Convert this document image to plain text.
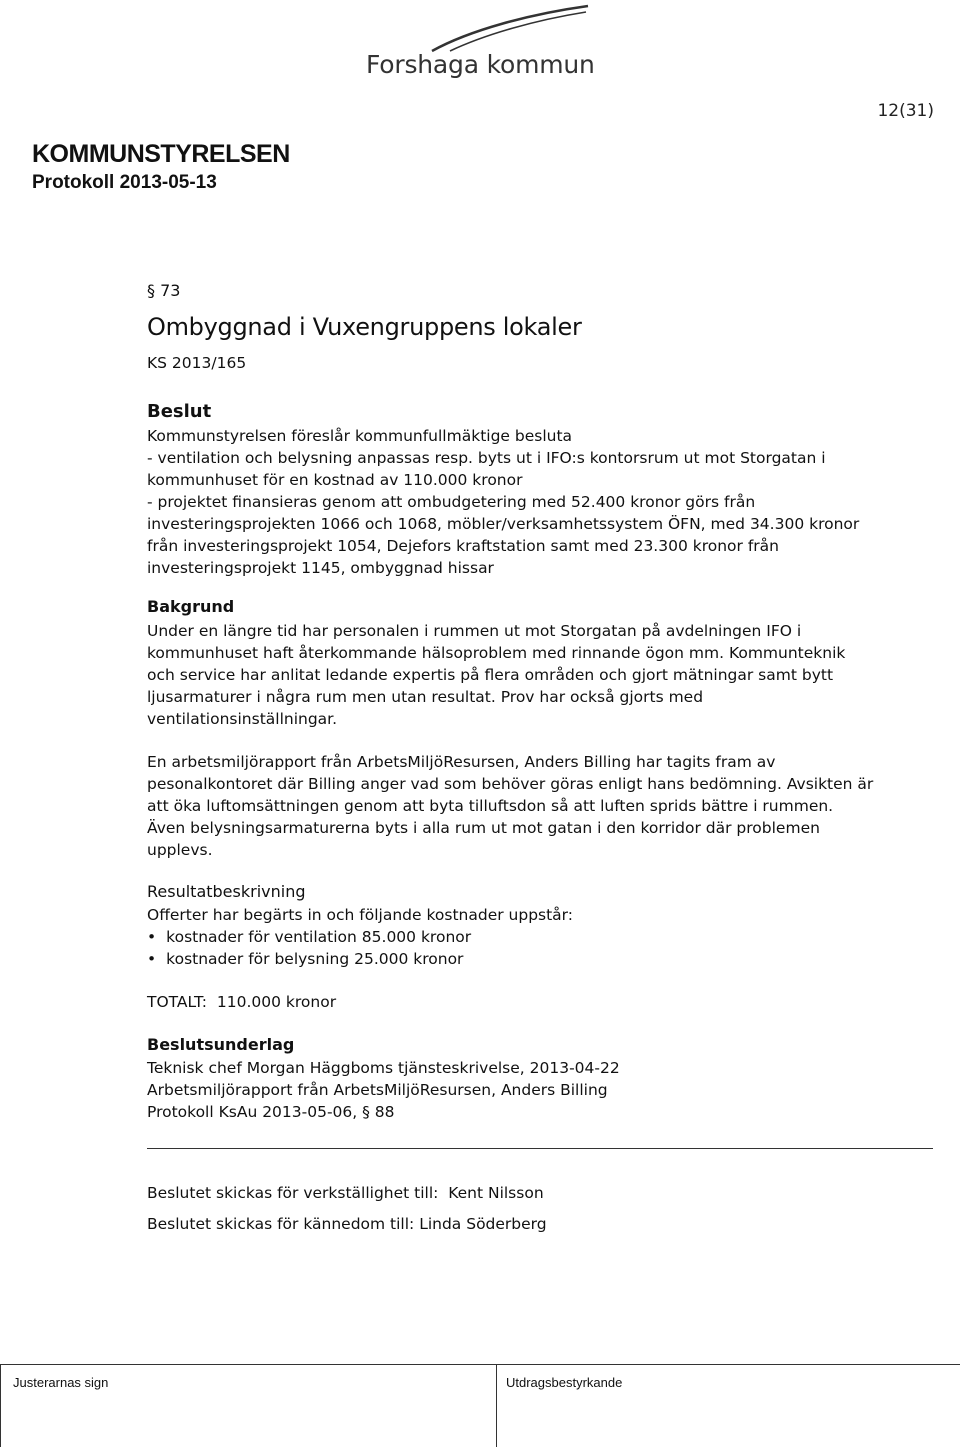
Forshaga kommun
12(31)
KOMMUNSTYRELSEN
Protokoll 2013-05-13
§ 73
Ombyggnad i Vuxengruppens lokaler
KS 2013/165
Beslut
Kommunstyrelsen föreslår kommunfullmäktige besluta
- ventilation och belysning anpassas resp. byts ut i IFO:s kontorsrum ut mot Storgatan i
kommunhuset för en kostnad av 110.000 kronor
- projektet finansieras genom att ombudgetering med 52.400 kronor görs från
investeringsprojekten 1066 och 1068, möbler/verksamhetssystem ÖFN, med 34.300 kronor
från investeringsprojekt 1054, Dejefors kraftstation samt med 23.300 kronor från
investeringsprojekt 1145, ombyggnad hissar
Bakgrund
Under en längre tid har personalen i rummen ut mot Storgatan på avdelningen IFO i
kommunhuset haft återkommande hälsoproblem med rinnande ögon mm. Kommunteknik
och service har anlitat ledande expertis på flera områden och gjort mätningar samt bytt
ljusarmaturer i några rum men utan resultat. Prov har också gjorts med
ventilationsinställningar.
En arbetsmiljörapport från ArbetsMiljöResursen, Anders Billing har tagits fram av
pesonalkontoret där Billing anger vad som behöver göras enligt hans bedömning. Avsikten är
att öka luftomsättningen genom att byta tilluftsdon så att luften sprids bättre i rummen.
Även belysningsarmaturerna byts i alla rum ut mot gatan i den korridor där problemen
upplevs.
Resultatbeskrivning
Offerter har begärts in och följande kostnader uppstår:
• kostnader för ventilation 85.000 kronor
• kostnader för belysning 25.000 kronor
TOTALT:  110.000 kronor
Beslutsunderlag
Teknisk chef Morgan Häggboms tjänsteskrivelse, 2013-04-22
Arbetsmiljörapport från ArbetsMiljöResursen, Anders Billing
Protokoll KsAu 2013-05-06, § 88
Beslutet skickas för verkställighet till:  Kent Nilsson
Beslutet skickas för kännedom till: Linda Söderberg
Justerarnas sign	Utdragsbestyrkande
